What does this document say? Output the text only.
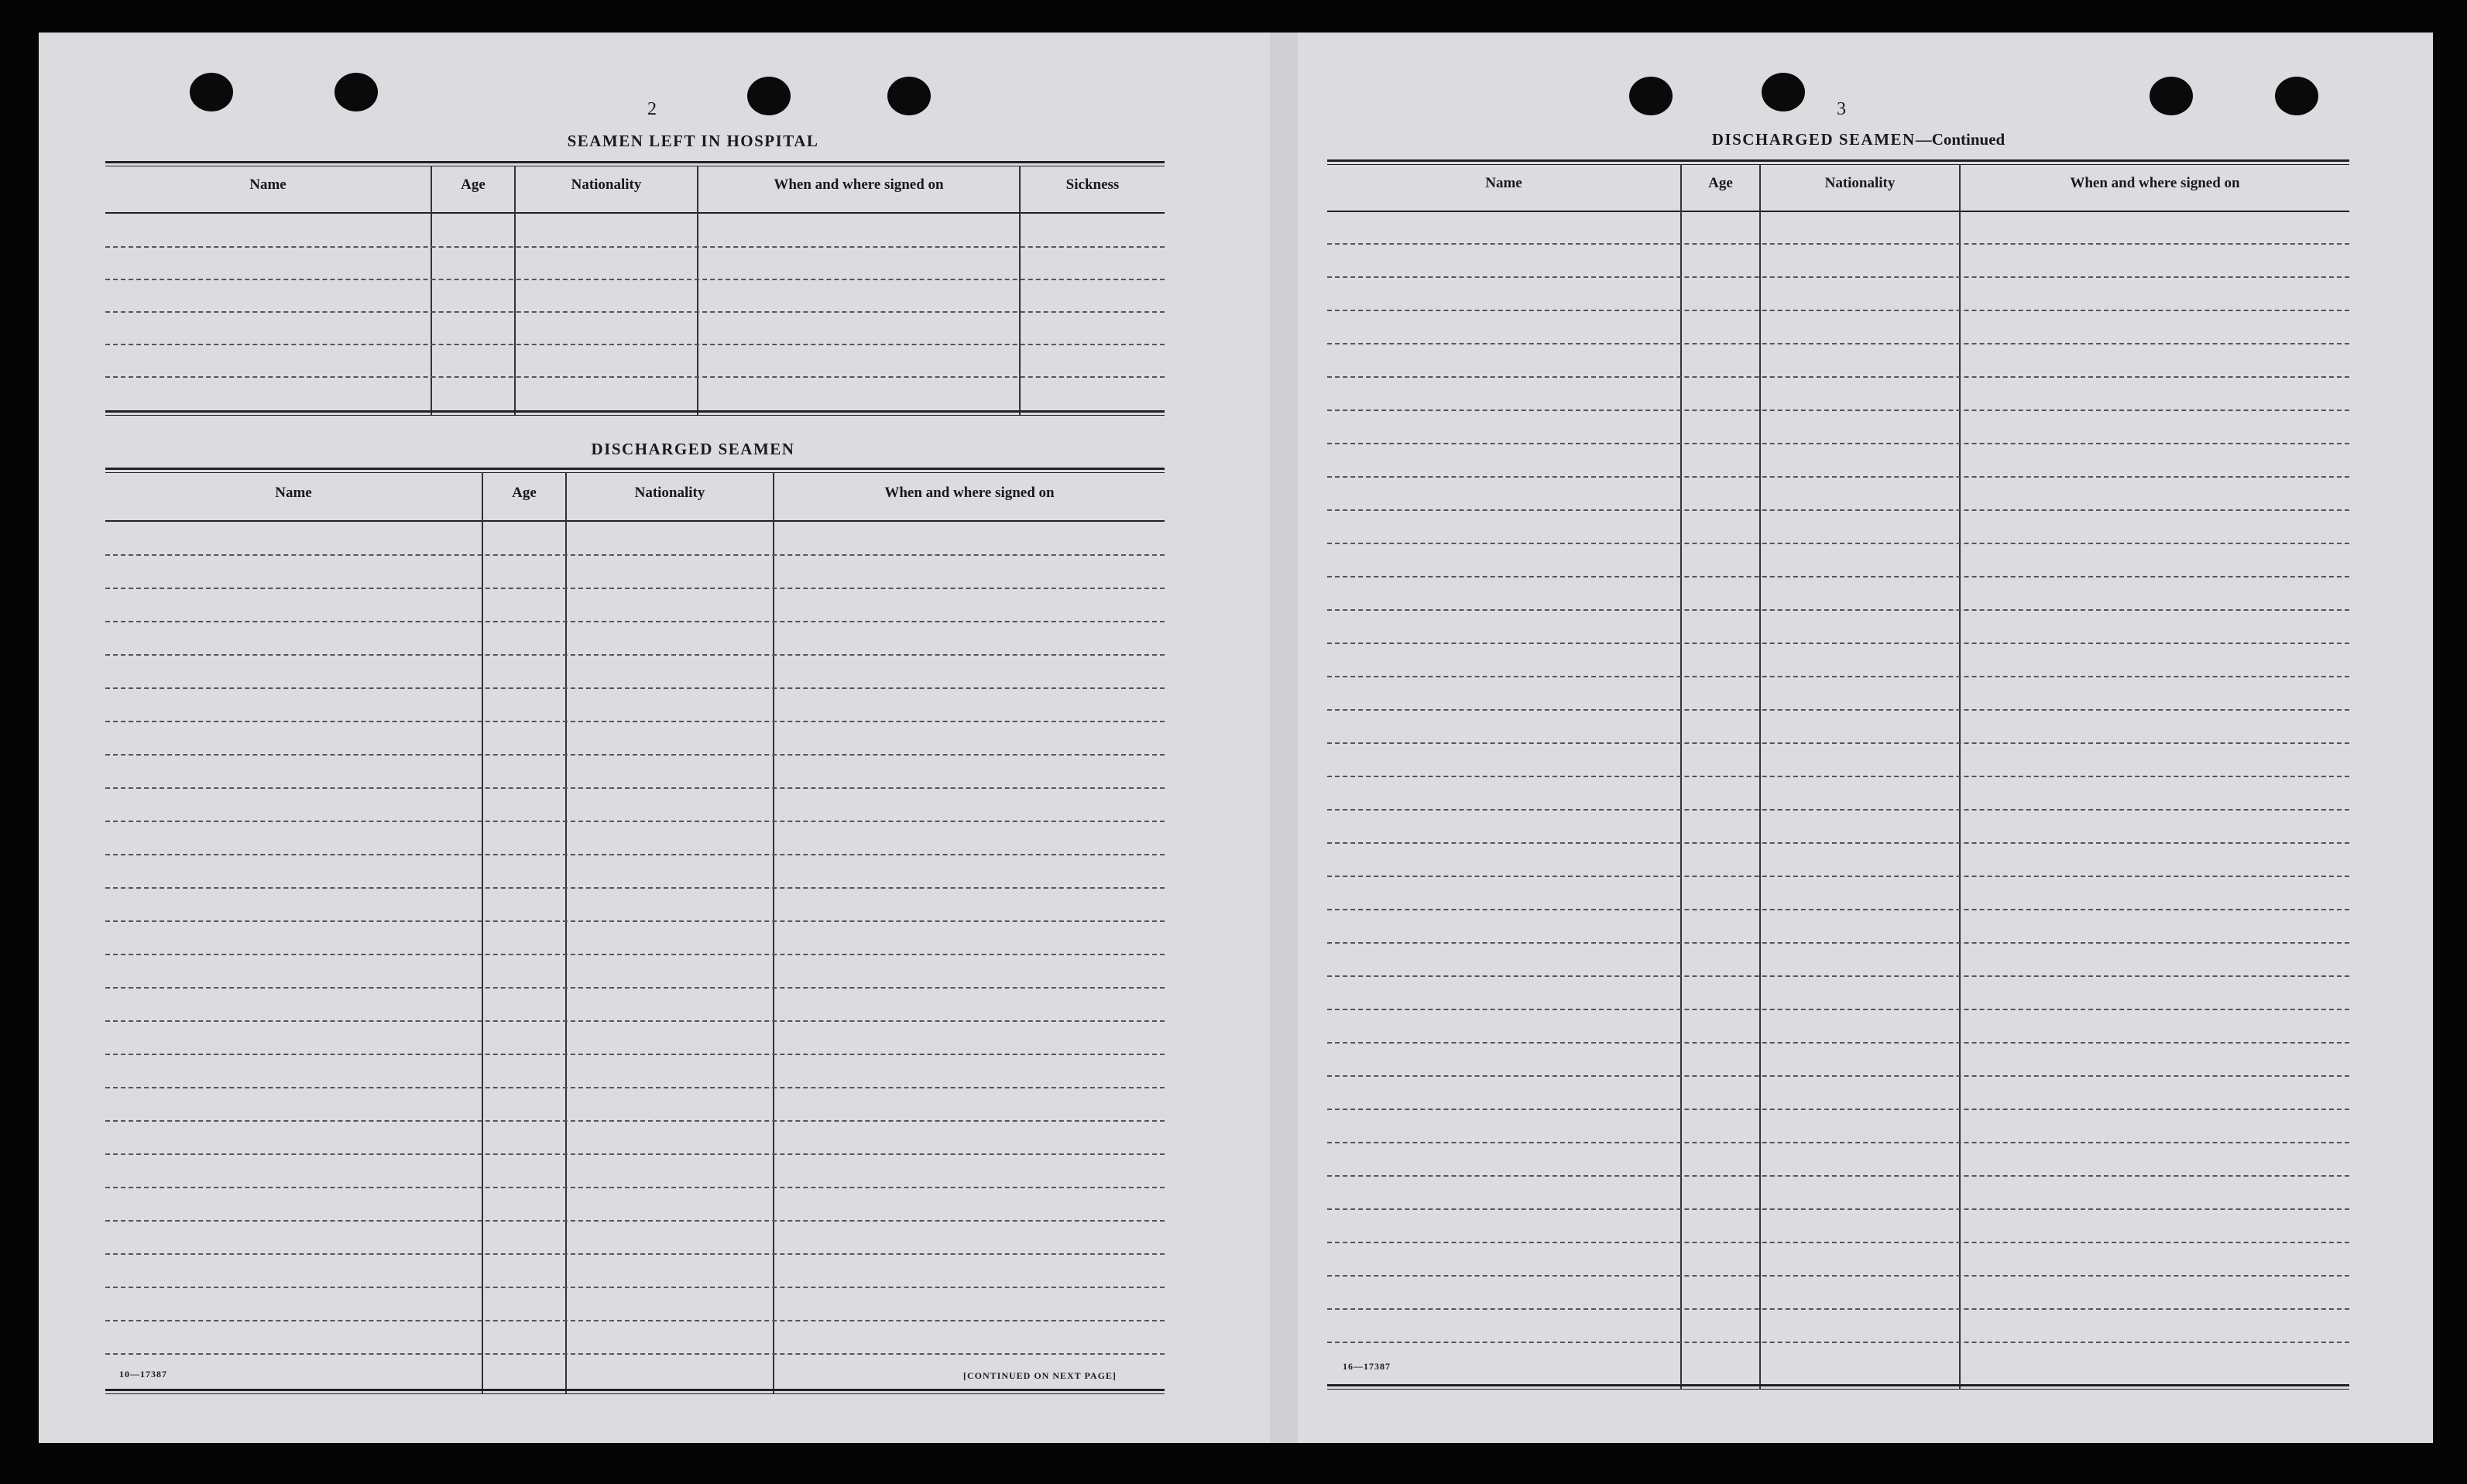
2
SEAMEN LEFT IN HOSPITAL
Name	Age	Nationality	When and where signed on	Sickness
DISCHARGED SEAMEN
Name	Age	Nationality	When and where signed on
10—17387	[CONTINUED ON NEXT PAGE]
3
DISCHARGED SEAMEN—Continued
Name	Age	Nationality	When and where signed on
16—17387
